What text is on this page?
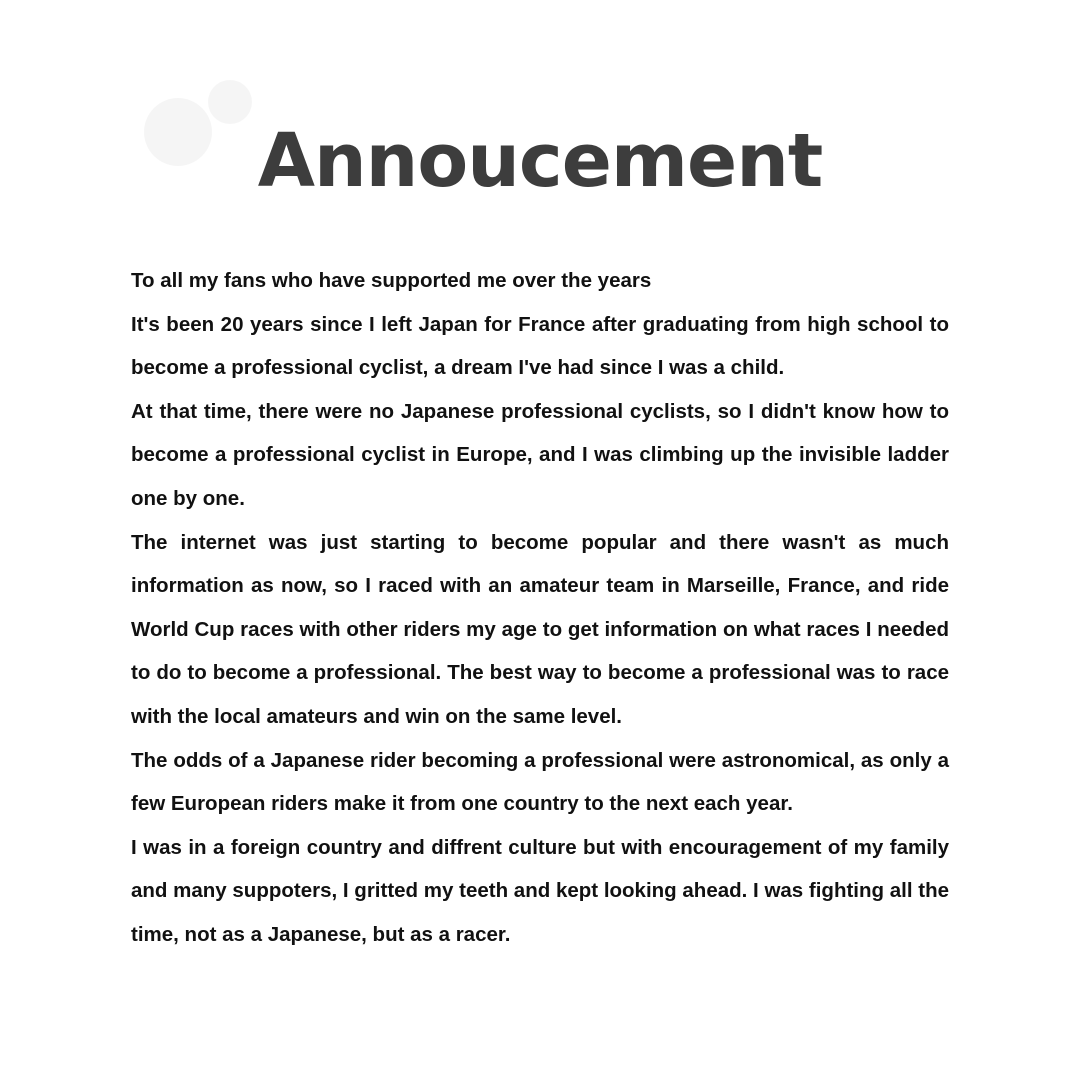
Annoucement

To all my fans who have supported me over the years

It's been 20 years since I left Japan for France after graduating from high school to become a professional cyclist, a dream I've had since I was a child.

At that time, there were no Japanese professional cyclists, so I didn't know how to become a professional cyclist in Europe, and I was climbing up the invisible ladder one by one.

The internet was just starting to become popular and there wasn't as much information as now, so I raced with an amateur team in Marseille, France, and ride World Cup races with other riders my age to get information on what races I needed to do to become a professional. The best way to become a professional was to race with the local amateurs and win on the same level.

The odds of a Japanese rider becoming a professional were astronomical, as only a few European riders make it from one country to the next each year.

I was in a foreign country and diffrent culture but with encouragement of my family and many suppoters, I gritted my teeth and kept looking ahead. I was fighting all the time, not as a Japanese, but as a racer.
